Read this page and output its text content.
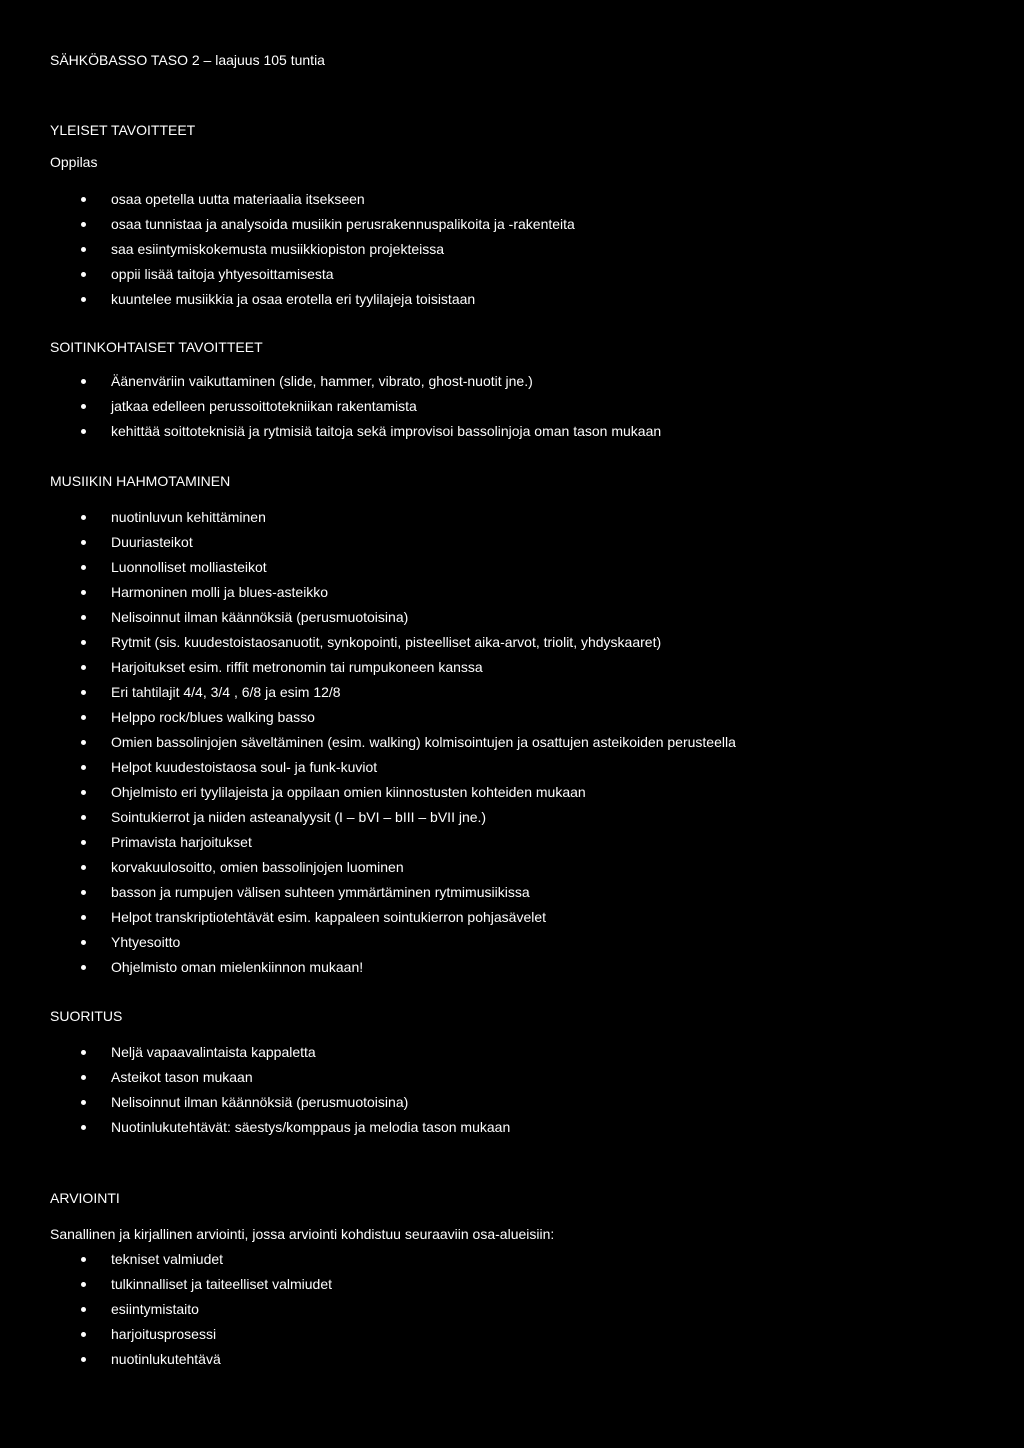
SÄHKÖBASSO TASO 2 – laajuus 105 tuntia
YLEISET TAVOITTEET
Oppilas
osaa opetella uutta materiaalia itsekseen
osaa tunnistaa ja analysoida musiikin perusrakennuspalikoita ja -rakenteita
saa esiintymiskokemusta musiikkiopiston projekteissa
oppii lisää taitoja yhtyesoittamisesta
kuuntelee musiikkia ja osaa erotella eri tyylilajeja toisistaan
SOITINKOHTAISET TAVOITTEET
Äänenväriin vaikuttaminen (slide, hammer, vibrato, ghost-nuotit jne.)
jatkaa edelleen perussoittotekniikan rakentamista
kehittää soittoteknisiä ja rytmisiä taitoja sekä improvisoi bassolinjoja oman tason mukaan
MUSIIKIN HAHMOTAMINEN
nuotinluvun kehittäminen
Duuriasteikot
Luonnolliset molliasteikot
Harmoninen molli ja blues-asteikko
Nelisoinnut ilman käännöksiä (perusmuotoisina)
Rytmit (sis. kuudestoistaosanuotit, synkopointi, pisteelliset aika-arvot, triolit, yhdyskaaret)
Harjoitukset esim. riffit metronomin tai rumpukoneen kanssa
Eri tahtilajit 4/4, 3/4 , 6/8 ja esim 12/8
Helppo rock/blues walking basso
Omien bassolinjojen säveltäminen (esim. walking) kolmisointujen ja osattujen asteikoiden perusteella
Helpot kuudestoistaosa soul- ja funk-kuviot
Ohjelmisto eri tyylilajeista ja oppilaan omien kiinnostusten kohteiden mukaan
Sointukierrot ja niiden asteanalyysit (I – bVI – bIII – bVII jne.)
Primavista harjoitukset
korvakuulosoitto, omien bassolinjojen luominen
basson ja rumpujen välisen suhteen ymmärtäminen rytmimusiikissa
Helpot transkriptiotehtävät esim. kappaleen sointukierron pohjasävelet
Yhtyesoitto
Ohjelmisto oman mielenkiinnon mukaan!
SUORITUS
Neljä vapaavalintaista kappaletta
Asteikot tason mukaan
Nelisoinnut ilman käännöksiä (perusmuotoisina)
Nuotinlukutehtävät: säestys/komppaus ja melodia tason mukaan
ARVIOINTI
Sanallinen ja kirjallinen arviointi, jossa arviointi kohdistuu seuraaviin osa-alueisiin:
tekniset valmiudet
tulkinnalliset ja taiteelliset valmiudet
esiintymistaito
harjoitusprosessi
nuotinlukutehtävä
